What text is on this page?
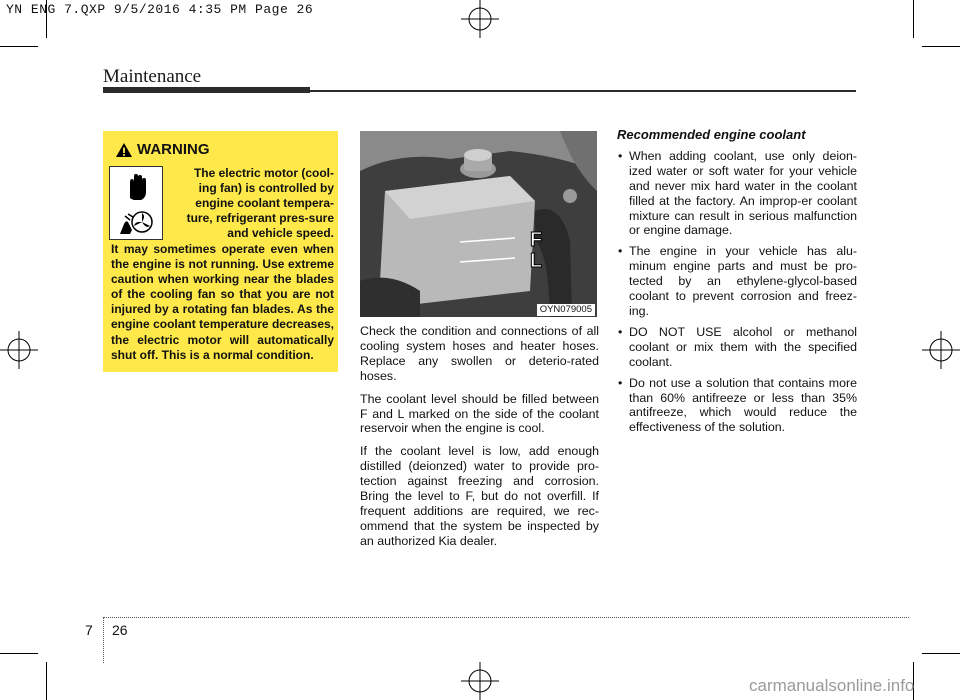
YN ENG 7.QXP 9/5/2016 4:35 PM Page 26
Maintenance
WARNING

The electric motor (cool-ing fan) is controlled by engine coolant tempera-ture, refrigerant pres-sure and vehicle speed.

It may sometimes operate even when the engine is not running. Use extreme caution when working near the blades of the cooling fan so that you are not injured by a rotating fan blades. As the engine coolant temperature decreases, the electric motor will automatically shut off. This is a normal condition.

F
L
OYN079005

Check the condition and connections of all cooling system hoses and heater hoses. Replace any swollen or deterio-rated hoses.

The coolant level should be filled between F and L marked on the side of the coolant reservoir when the engine is cool.

If the coolant level is low, add enough distilled (deionzed) water to provide pro-tection against freezing and corrosion. Bring the level to F, but do not overfill. If frequent additions are required, we rec-ommend that the system be inspected by an authorized Kia dealer.

Recommended engine coolant
• When adding coolant, use only deion-ized water or soft water for your vehicle and never mix hard water in the coolant filled at the factory. An improp-er coolant mixture can result in serious malfunction or engine damage.
• The engine in your vehicle has alu-minum engine parts and must be pro-tected by an ethylene-glycol-based coolant to prevent corrosion and freez-ing.
• DO NOT USE alcohol or methanol coolant or mix them with the specified coolant.
• Do not use a solution that contains more than 60% antifreeze or less than 35% antifreeze, which would reduce the effectiveness of the solution.
7 26
carmanualsonline.info
